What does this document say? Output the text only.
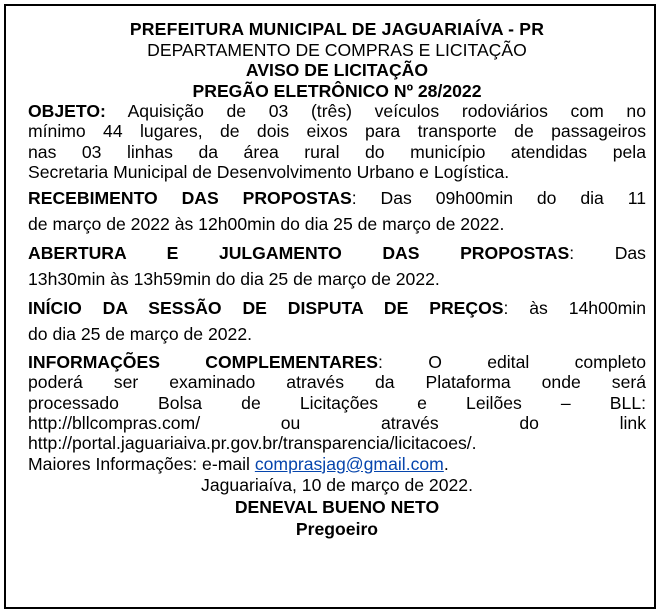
PREFEITURA MUNICIPAL DE JAGUARIAÍVA - PR
DEPARTAMENTO DE COMPRAS E LICITAÇÃO
AVISO DE LICITAÇÃO
PREGÃO ELETRÔNICO Nº 28/2022
OBJETO: Aquisição de 03 (três) veículos rodoviários com no
mínimo 44 lugares, de dois eixos para transporte de passageiros
nas 03 linhas da área rural do município atendidas pela
Secretaria Municipal de Desenvolvimento Urbano e Logística.
RECEBIMENTO DAS PROPOSTAS: Das 09h00min do dia 11
de março de 2022 às 12h00min do dia 25 de março de 2022.
ABERTURA E JULGAMENTO DAS PROPOSTAS: Das
13h30min às 13h59min do dia 25 de março de 2022.
INÍCIO DA SESSÃO DE DISPUTA DE PREÇOS: às 14h00min
do dia 25 de março de 2022.
INFORMAÇÕES COMPLEMENTARES: O edital completo
poderá ser examinado através da Plataforma onde será
processado Bolsa de Licitações e Leilões – BLL:
http://bllcompras.com/ ou através do link
http://portal.jaguariaiva.pr.gov.br/transparencia/licitacoes/.
Maiores Informações: e-mail comprasjag@gmail.com.
Jaguariaíva, 10 de março de 2022.
DENEVAL BUENO NETO
Pregoeiro
